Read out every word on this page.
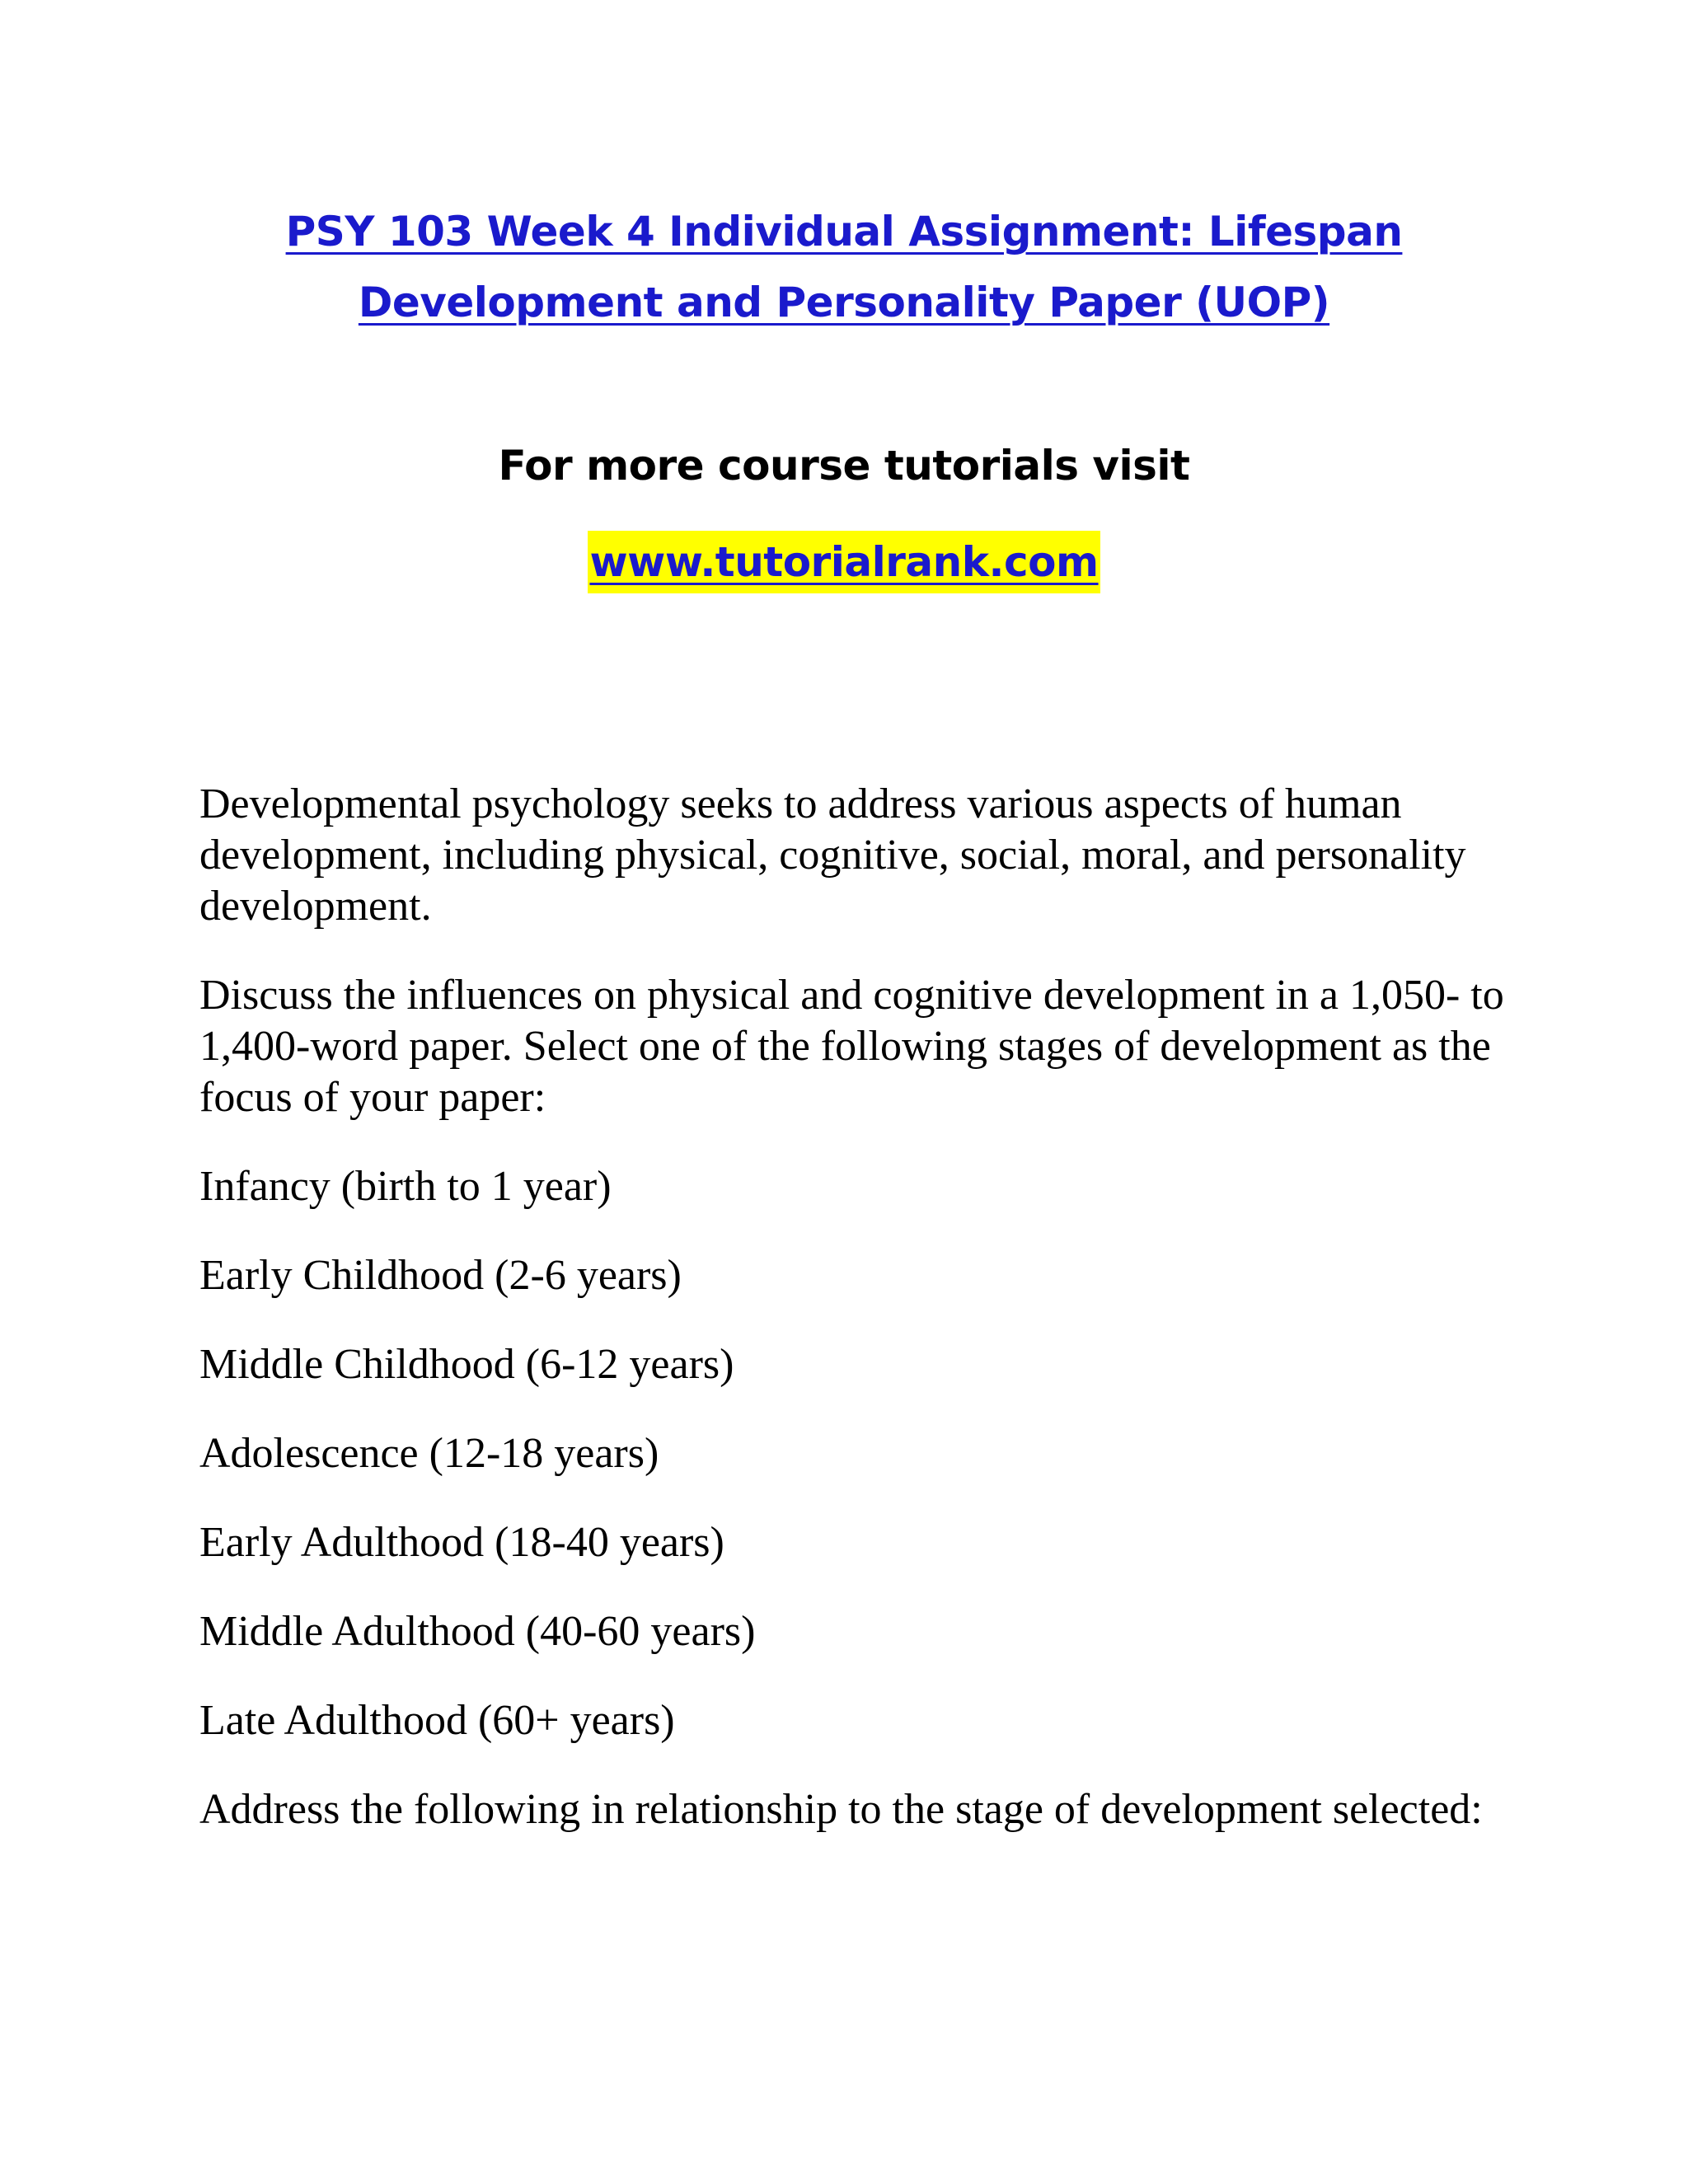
PSY 103 Week 4 Individual Assignment: Lifespan
Development and Personality Paper (UOP)
For more course tutorials visit
www.tutorialrank.com

Developmental psychology seeks to address various aspects of human development, including physical, cognitive, social, moral, and personality development.

Discuss the influences on physical and cognitive development in a 1,050- to 1,400-word paper. Select one of the following stages of development as the focus of your paper:

Infancy (birth to 1 year)

Early Childhood (2-6 years)

Middle Childhood (6-12 years)

Adolescence (12-18 years)

Early Adulthood (18-40 years)

Middle Adulthood (40-60 years)

Late Adulthood (60+ years)

Address the following in relationship to the stage of development selected:
